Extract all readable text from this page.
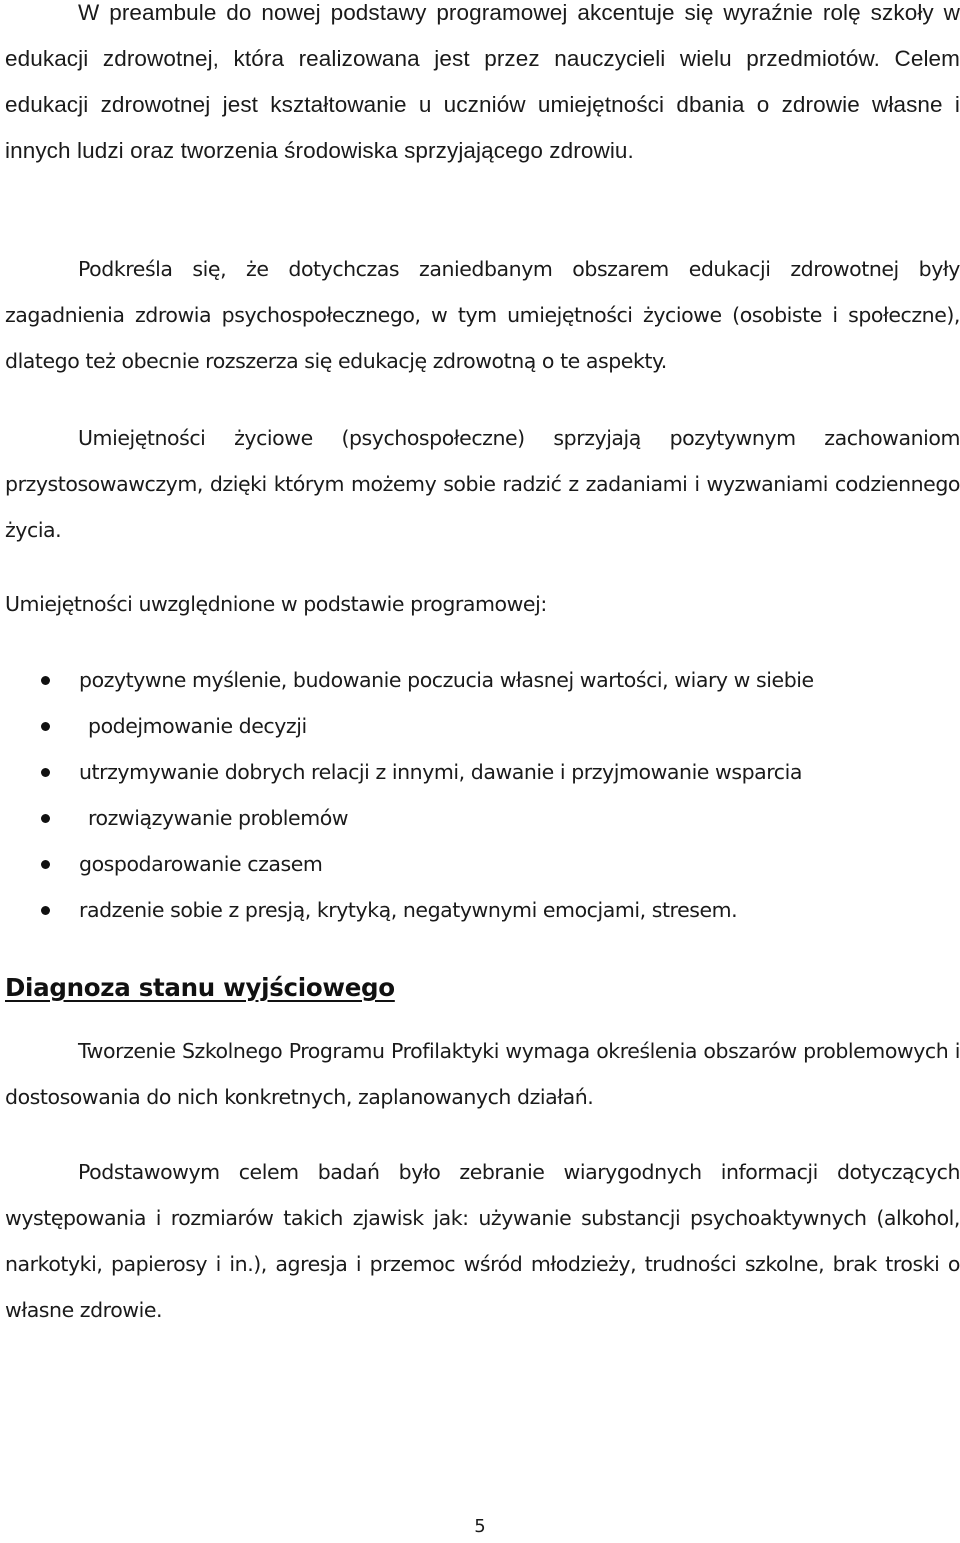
W preambule do nowej podstawy programowej akcentuje się wyraźnie rolę szkoły w edukacji zdrowotnej, która realizowana jest przez nauczycieli wielu przedmiotów. Celem edukacji zdrowotnej jest kształtowanie u uczniów umiejętności dbania o zdrowie własne i innych ludzi oraz tworzenia środowiska sprzyjającego zdrowiu.

Podkreśla się, że dotychczas zaniedbanym obszarem edukacji zdrowotnej były zagadnienia zdrowia psychospołecznego, w tym umiejętności życiowe (osobiste i społeczne), dlatego też obecnie rozszerza się edukację zdrowotną o te aspekty.

Umiejętności życiowe (psychospołeczne) sprzyjają pozytywnym zachowaniom przystosowawczym, dzięki którym możemy sobie radzić z zadaniami i wyzwaniami codziennego życia.

Umiejętności uwzględnione w podstawie programowej:

pozytywne myślenie, budowanie poczucia własnej wartości, wiary w siebie
podejmowanie decyzji
utrzymywanie dobrych relacji z innymi, dawanie i przyjmowanie wsparcia
rozwiązywanie problemów
gospodarowanie czasem
radzenie sobie z presją, krytyką, negatywnymi emocjami, stresem.
Diagnoza stanu wyjściowego

Tworzenie Szkolnego Programu Profilaktyki wymaga określenia obszarów problemowych i dostosowania do nich konkretnych, zaplanowanych działań.

Podstawowym celem badań było zebranie wiarygodnych informacji dotyczących występowania i rozmiarów takich zjawisk jak: używanie substancji psychoaktywnych (alkohol, narkotyki, papierosy i in.), agresja i przemoc wśród młodzieży, trudności szkolne, brak troski o własne zdrowie.

5
